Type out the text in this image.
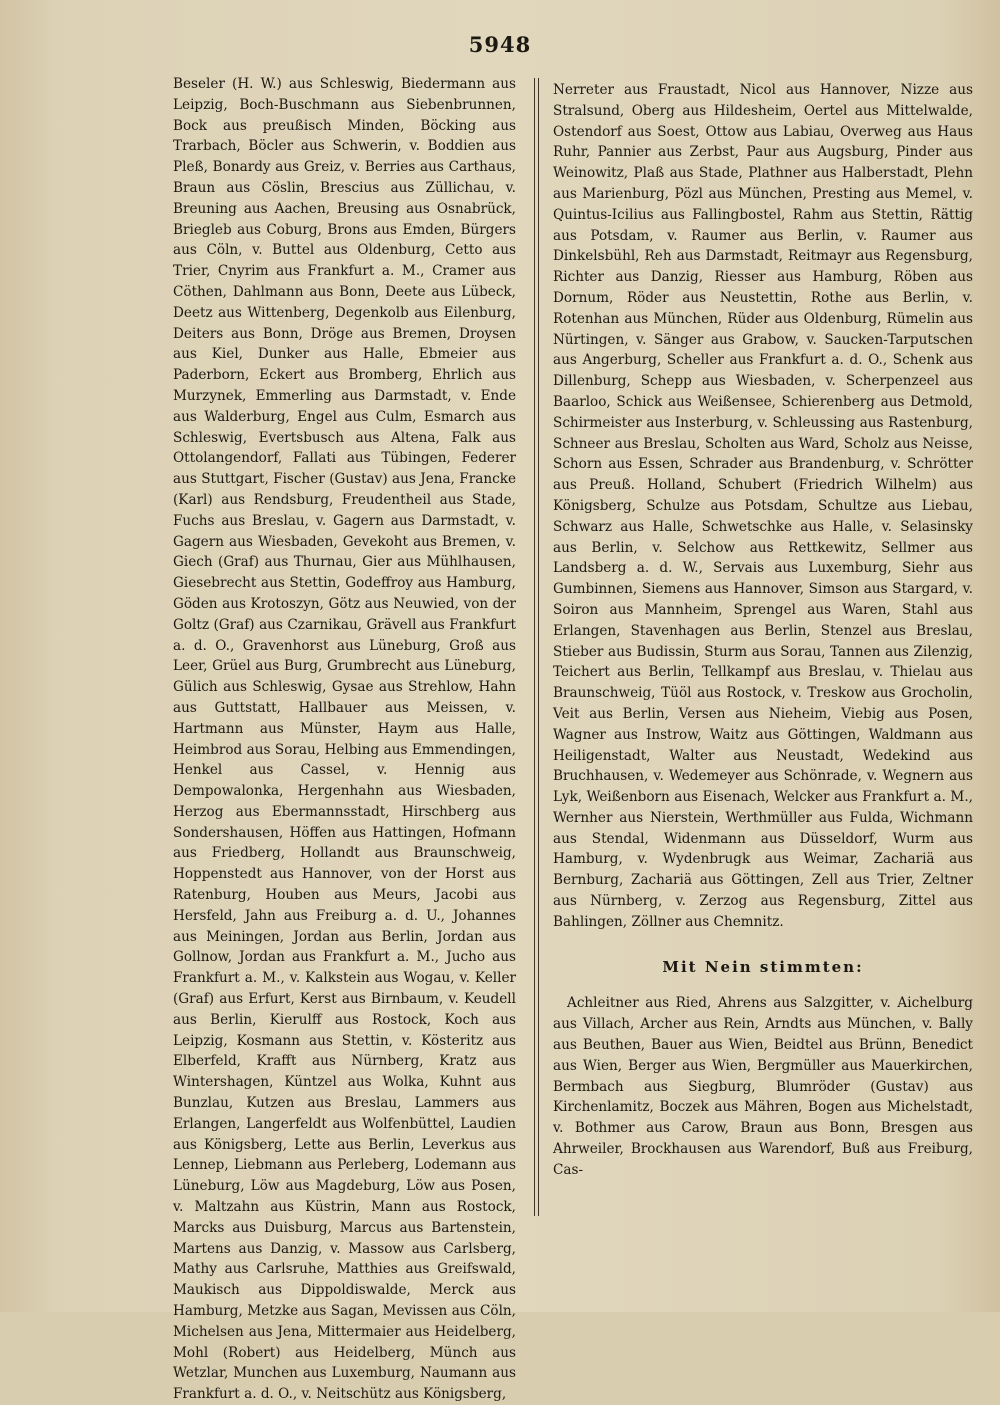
5948

Beseler (H. W.) aus Schleswig, Biedermann aus Leipzig, Boch-Buschmann aus Siebenbrunnen, Bock aus preußisch Minden, Böcking aus Trarbach, Böcler aus Schwerin, v. Boddien aus Pleß, Bonardy aus Greiz, v. Berries aus Carthaus, Braun aus Cöslin, Brescius aus Züllichau, v. Breuning aus Aachen, Breusing aus Osnabrück, Briegleb aus Coburg, Brons aus Emden, Bürgers aus Cöln, v. Buttel aus Oldenburg, Cetto aus Trier, Cnyrim aus Frankfurt a. M., Cramer aus Cöthen, Dahlmann aus Bonn, Deete aus Lübeck, Deetz aus Wittenberg, Degenkolb aus Eilenburg, Deiters aus Bonn, Dröge aus Bremen, Droysen aus Kiel, Dunker aus Halle, Ebmeier aus Paderborn, Eckert aus Bromberg, Ehrlich aus Murzynek, Emmerling aus Darmstadt, v. Ende aus Walderburg, Engel aus Culm, Esmarch aus Schleswig, Evertsbusch aus Altena, Falk aus Ottolangendorf, Fallati aus Tübingen, Federer aus Stuttgart, Fischer (Gustav) aus Jena, Francke (Karl) aus Rendsburg, Freudentheil aus Stade, Fuchs aus Breslau, v. Gagern aus Darmstadt, v. Gagern aus Wiesbaden, Gevekoht aus Bremen, v. Giech (Graf) aus Thurnau, Gier aus Mühlhausen, Giesebrecht aus Stettin, Godeffroy aus Hamburg, Göden aus Krotoszyn, Götz aus Neuwied, von der Goltz (Graf) aus Czarnikau, Grävell aus Frankfurt a. d. O., Gravenhorst aus Lüneburg, Groß aus Leer, Grüel aus Burg, Grumbrecht aus Lüneburg, Gülich aus Schleswig, Gysae aus Strehlow, Hahn aus Guttstatt, Hallbauer aus Meissen, v. Hartmann aus Münster, Haym aus Halle, Heimbrod aus Sorau, Helbing aus Emmendingen, Henkel aus Cassel, v. Hennig aus Dempowalonka, Hergenhahn aus Wiesbaden, Herzog aus Ebermannsstadt, Hirschberg aus Sondershausen, Höffen aus Hattingen, Hofmann aus Friedberg, Hollandt aus Braunschweig, Hoppenstedt aus Hannover, von der Horst aus Ratenburg, Houben aus Meurs, Jacobi aus Hersfeld, Jahn aus Freiburg a. d. U., Johannes aus Meiningen, Jordan aus Berlin, Jordan aus Gollnow, Jordan aus Frankfurt a. M., Jucho aus Frankfurt a. M., v. Kalkstein aus Wogau, v. Keller (Graf) aus Erfurt, Kerst aus Birnbaum, v. Keudell aus Berlin, Kierulff aus Rostock, Koch aus Leipzig, Kosmann aus Stettin, v. Kösteritz aus Elberfeld, Krafft aus Nürnberg, Kratz aus Wintershagen, Küntzel aus Wolka, Kuhnt aus Bunzlau, Kutzen aus Breslau, Lammers aus Erlangen, Langerfeldt aus Wolfenbüttel, Laudien aus Königsberg, Lette aus Berlin, Leverkus aus Lennep, Liebmann aus Perleberg, Lodemann aus Lüneburg, Löw aus Magdeburg, Löw aus Posen, v. Maltzahn aus Küstrin, Mann aus Rostock, Marcks aus Duisburg, Marcus aus Bartenstein, Martens aus Danzig, v. Massow aus Carlsberg, Mathy aus Carlsruhe, Matthies aus Greifswald, Maukisch aus Dippoldiswalde, Merck aus Hamburg, Metzke aus Sagan, Mevissen aus Cöln, Michelsen aus Jena, Mittermaier aus Heidelberg, Mohl (Robert) aus Heidelberg, Münch aus Wetzlar, Munchen aus Luxemburg, Naumann aus Frankfurt a. d. O., v. Neitschütz aus Königsberg,

Nerreter aus Fraustadt, Nicol aus Hannover, Nizze aus Stralsund, Oberg aus Hildesheim, Oertel aus Mittelwalde, Ostendorf aus Soest, Ottow aus Labiau, Overweg aus Haus Ruhr, Pannier aus Zerbst, Paur aus Augsburg, Pinder aus Weinowitz, Plaß aus Stade, Plathner aus Halberstadt, Plehn aus Marienburg, Pözl aus München, Presting aus Memel, v. Quintus-Icilius aus Fallingbostel, Rahm aus Stettin, Rättig aus Potsdam, v. Raumer aus Berlin, v. Raumer aus Dinkelsbühl, Reh aus Darmstadt, Reitmayr aus Regensburg, Richter aus Danzig, Riesser aus Hamburg, Röben aus Dornum, Röder aus Neustettin, Rothe aus Berlin, v. Rotenhan aus München, Rüder aus Oldenburg, Rümelin aus Nürtingen, v. Sänger aus Grabow, v. Saucken-Tarputschen aus Angerburg, Scheller aus Frankfurt a. d. O., Schenk aus Dillenburg, Schepp aus Wiesbaden, v. Scherpenzeel aus Baarloo, Schick aus Weißensee, Schierenberg aus Detmold, Schirmeister aus Insterburg, v. Schleussing aus Rastenburg, Schneer aus Breslau, Scholten aus Ward, Scholz aus Neisse, Schorn aus Essen, Schrader aus Brandenburg, v. Schrötter aus Preuß. Holland, Schubert (Friedrich Wilhelm) aus Königsberg, Schulze aus Potsdam, Schultze aus Liebau, Schwarz aus Halle, Schwetschke aus Halle, v. Selasinsky aus Berlin, v. Selchow aus Rettkewitz, Sellmer aus Landsberg a. d. W., Servais aus Luxemburg, Siehr aus Gumbinnen, Siemens aus Hannover, Simson aus Stargard, v. Soiron aus Mannheim, Sprengel aus Waren, Stahl aus Erlangen, Stavenhagen aus Berlin, Stenzel aus Breslau, Stieber aus Budissin, Sturm aus Sorau, Tannen aus Zilenzig, Teichert aus Berlin, Tellkampf aus Breslau, v. Thielau aus Braunschweig, Tüöl aus Rostock, v. Treskow aus Grocholin, Veit aus Berlin, Versen aus Nieheim, Viebig aus Posen, Wagner aus Instrow, Waitz aus Göttingen, Waldmann aus Heiligenstadt, Walter aus Neustadt, Wedekind aus Bruchhausen, v. Wedemeyer aus Schönrade, v. Wegnern aus Lyk, Weißenborn aus Eisenach, Welcker aus Frankfurt a. M., Wernher aus Nierstein, Werthmüller aus Fulda, Wichmann aus Stendal, Widenmann aus Düsseldorf, Wurm aus Hamburg, v. Wydenbrugk aus Weimar, Zachariä aus Bernburg, Zachariä aus Göttingen, Zell aus Trier, Zeltner aus Nürnberg, v. Zerzog aus Regensburg, Zittel aus Bahlingen, Zöllner aus Chemnitz.

Mit Nein stimmten:

Achleitner aus Ried, Ahrens aus Salzgitter, v. Aichelburg aus Villach, Archer aus Rein, Arndts aus München, v. Bally aus Beuthen, Bauer aus Wien, Beidtel aus Brünn, Benedict aus Wien, Berger aus Wien, Bergmüller aus Mauerkirchen, Bermbach aus Siegburg, Blumröder (Gustav) aus Kirchenlamitz, Boczek aus Mähren, Bogen aus Michelstadt, v. Bothmer aus Carow, Braun aus Bonn, Bresgen aus Ahrweiler, Brockhausen aus Warendorf, Buß aus Freiburg, Cas-
